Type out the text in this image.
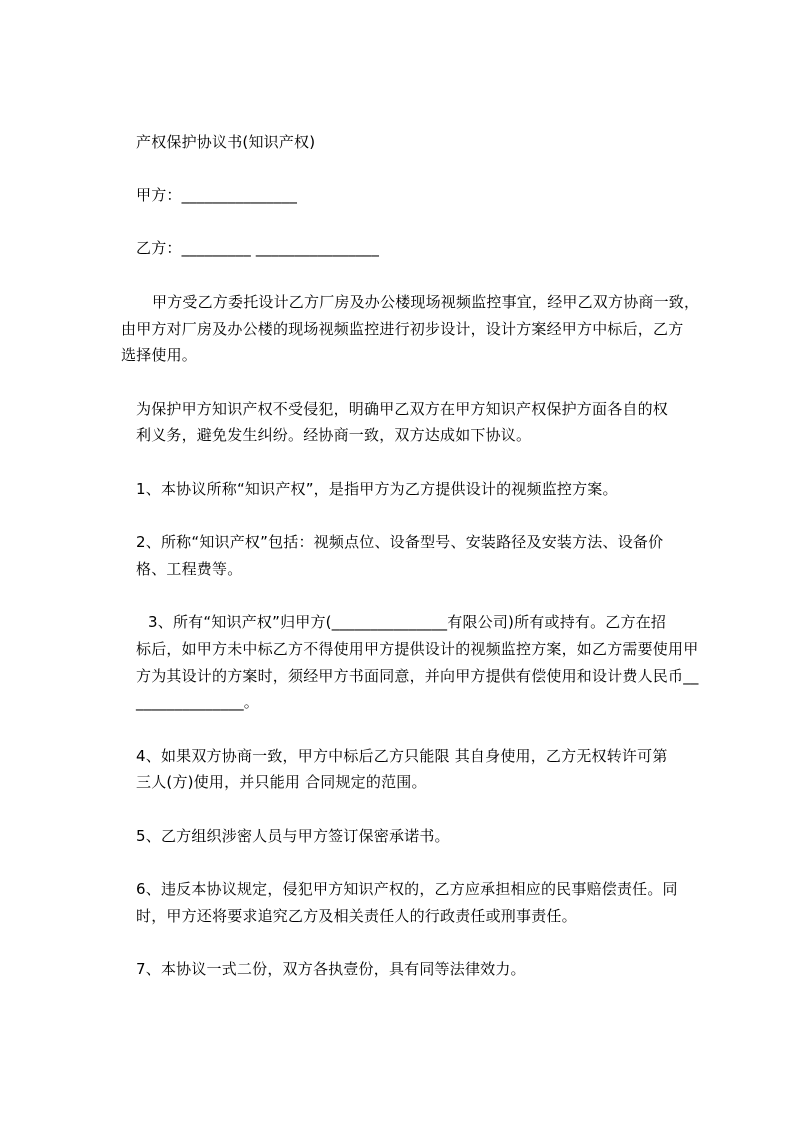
产权保护协议书(知识产权)
甲方：_______________
乙方：_________ ________________
甲方受乙方委托设计乙方厂房及办公楼现场视频监控事宜，经甲乙双方协商一致，
由甲方对厂房及办公楼的现场视频监控进行初步设计，设计方案经甲方中标后，乙方
选择使用。
为保护甲方知识产权不受侵犯，明确甲乙双方在甲方知识产权保护方面各自的权
利义务，避免发生纠纷。经协商一致，双方达成如下协议。
1、本协议所称“知识产权”，是指甲方为乙方提供设计的视频监控方案。
2、所称“知识产权”包括：视频点位、设备型号、安装路径及安装方法、设备价
格、工程费等。
3、所有“知识产权”归甲方(_______________有限公司)所有或持有。乙方在招
标后，如甲方未中标乙方不得使用甲方提供设计的视频监控方案，如乙方需要使用甲
方为其设计的方案时，须经甲方书面同意，并向甲方提供有偿使用和设计费人民币__
______________。
4、如果双方协商一致，甲方中标后乙方只能限 其自身使用，乙方无权转许可第
三人(方)使用，并只能用 合同规定的范围。
5、乙方组织涉密人员与甲方签订保密承诺书。
6、违反本协议规定，侵犯甲方知识产权的，乙方应承担相应的民事赔偿责任。同
时，甲方还将要求追究乙方及相关责任人的行政责任或刑事责任。
7、本协议一式二份，双方各执壹份，具有同等法律效力。
